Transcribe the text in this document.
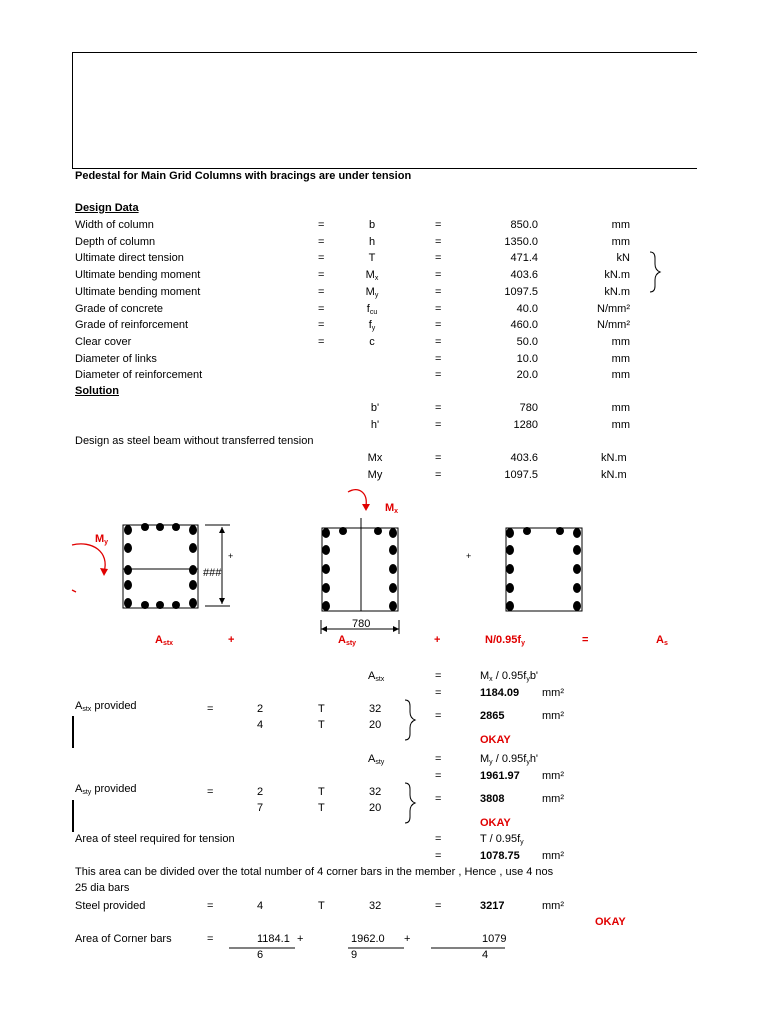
Pedestal for Main Grid Columns with bracings are under tension
Design Data
Width of column	=	b	=	850.0	mm
Depth of column	=	h	=	1350.0	mm
Ultimate direct tension	=	T	=	471.4	kN
Ultimate bending moment	=	$M_x$	=	403.6	kN.m
Ultimate bending moment	=	$M_y$	=	1097.5	kN.m
Grade of concrete	=	$f_{cu}$	=	40.0	N/mm²
Grade of reinforcement	=	$f_y$	=	460.0	N/mm²
Clear cover	=	c	=	50.0	mm
Diameter of links	=	10.0	mm
Diameter of reinforcement	=	20.0	mm
Solution
b'	=	780	mm
h'	=	1280	mm
Design as steel beam without transferred tension
Mx	=	403.6	kN.m
My	=	1097.5	kN.m
$M_y$
$M_x$
###
+	+
780
$A_{stx}$	+	$A_{sty}$	+	$N/0.95f_y$	=	$A_s$
$A_{stx}$	=	$M_x / 0.95f_yb'$
=	1184.09 mm²
$A_{stx}$ provided	=	2	T	32
4	T	20
=	2865	mm²
OKAY
$A_{sty}$	=	$M_y / 0.95f_yh'$
=	1961.97 mm²
$A_{sty}$ provided	=	2	T	32
7	T	20
=	3808	mm²
OKAY
Area of steel required for tension	=	T / $0.95f_y$
=	1078.75 mm²
This area can be divided over the total number of 4 corner bars in the member , Hence , use 4 nos
25 dia bars
Steel provided	=	4	T	32	=	3217	mm²
OKAY
Area of Corner bars	=	1184.1 +	1962.0 +	1079
6	9	4
